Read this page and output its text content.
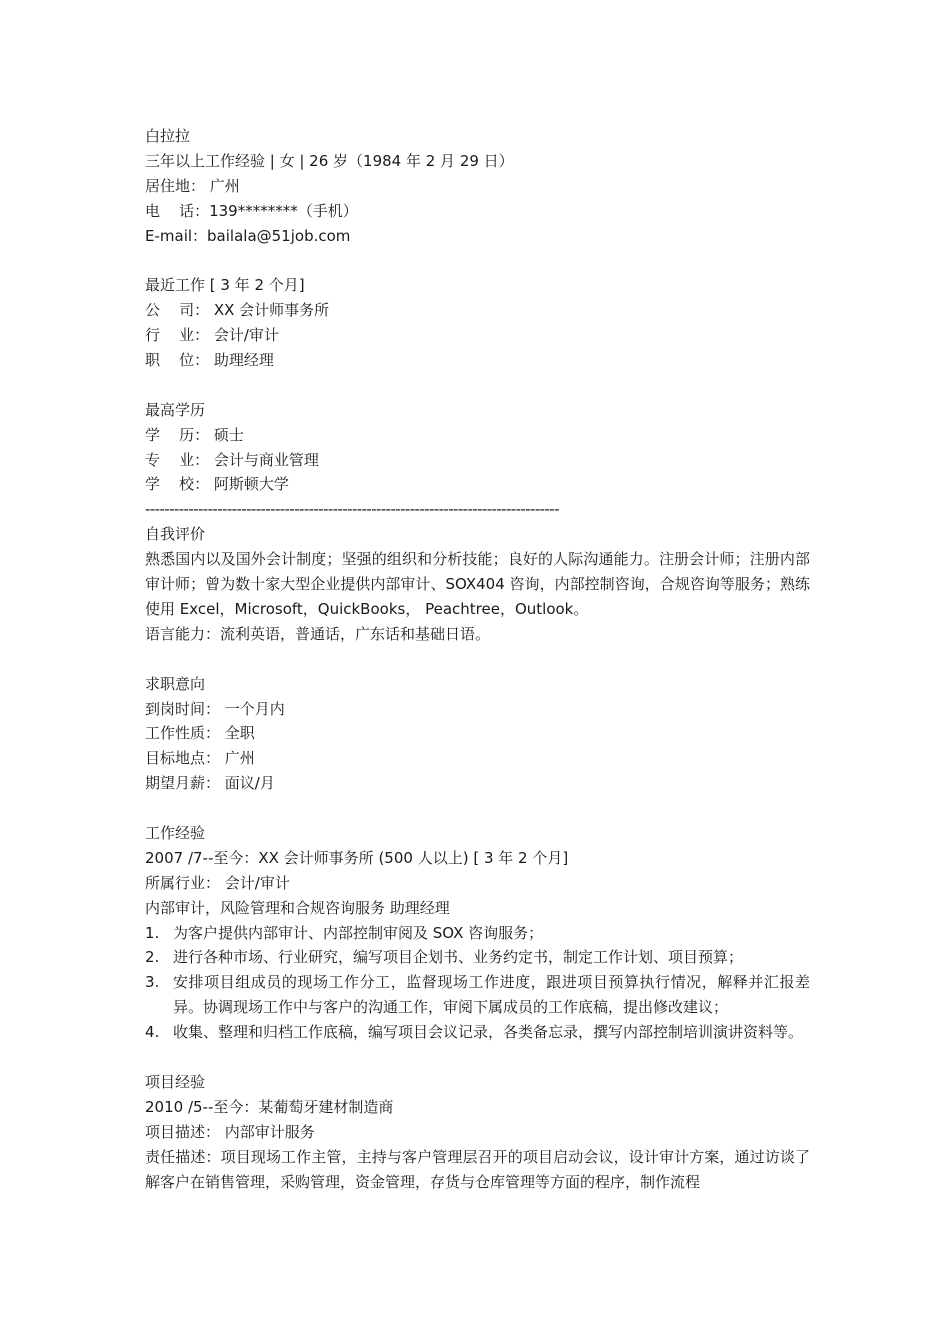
白拉拉
三年以上工作经验 | 女 | 26 岁（1984 年 2 月 29 日）
居住地： 广州
电    话：139********（手机）
E-mail：bailala@51job.com
最近工作 [ 3 年 2 个月]
公    司： XX 会计师事务所
行    业： 会计/审计
职    位： 助理经理
最高学历
学    历： 硕士
专    业： 会计与商业管理
学    校： 阿斯顿大学
--------------------------------------------------------------------------------------
自我评价
熟悉国内以及国外会计制度；坚强的组织和分析技能；良好的人际沟通能力。注册会计师；注册内部审计师；曾为数十家大型企业提供内部审计、SOX404 咨询，内部控制咨询，合规咨询等服务；熟练使用 Excel，Microsoft，QuickBooks， Peachtree，Outlook。
语言能力：流利英语，普通话，广东话和基础日语。
求职意向
到岗时间： 一个月内
工作性质： 全职
目标地点： 广州
期望月薪： 面议/月
工作经验
2007 /7--至今：XX 会计师事务所 (500 人以上) [ 3 年 2 个月]
所属行业： 会计/审计
内部审计，风险管理和合规咨询服务 助理经理
1. 为客户提供内部审计、内部控制审阅及 SOX 咨询服务；
2. 进行各种市场、行业研究，编写项目企划书、业务约定书，制定工作计划、项目预算；
3. 安排项目组成员的现场工作分工，监督现场工作进度，跟进项目预算执行情况，解释并汇报差异。协调现场工作中与客户的沟通工作，审阅下属成员的工作底稿，提出修改建议；
4. 收集、整理和归档工作底稿，编写项目会议记录，各类备忘录，撰写内部控制培训演讲资料等。
项目经验
2010 /5--至今：某葡萄牙建材制造商
项目描述： 内部审计服务
责任描述：项目现场工作主管，主持与客户管理层召开的项目启动会议，设计审计方案，通过访谈了解客户在销售管理，采购管理，资金管理，存货与仓库管理等方面的程序，制作流程
